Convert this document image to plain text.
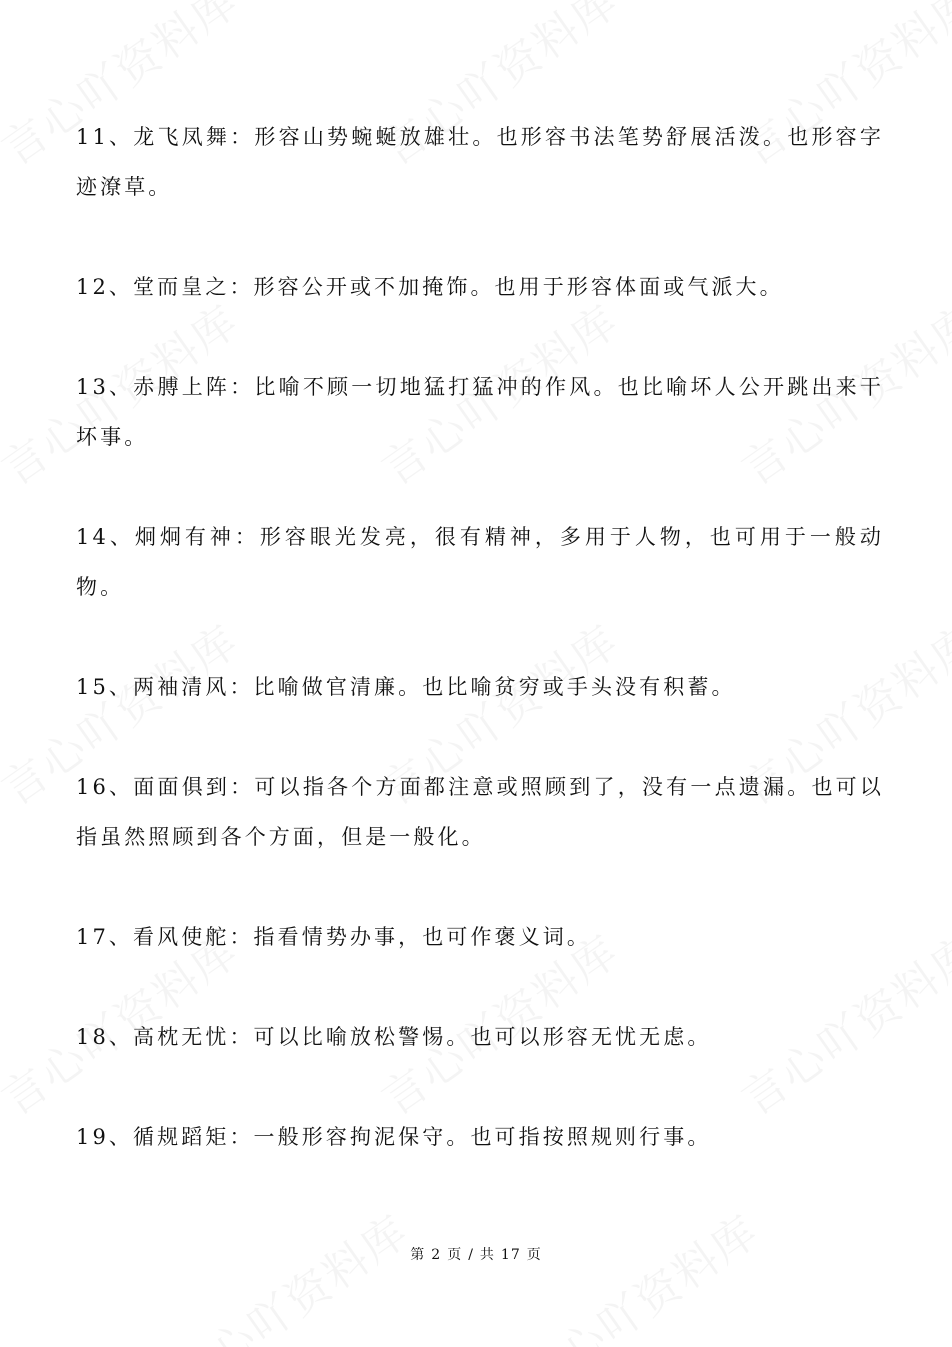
11、龙飞凤舞：形容山势蜿蜒放雄壮。也形容书法笔势舒展活泼。也形容字迹潦草。

12、堂而皇之：形容公开或不加掩饰。也用于形容体面或气派大。

13、赤膊上阵：比喻不顾一切地猛打猛冲的作风。也比喻坏人公开跳出来干坏事。

14、炯炯有神：形容眼光发亮，很有精神，多用于人物，也可用于一般动物。

15、两袖清风：比喻做官清廉。也比喻贫穷或手头没有积蓄。

16、面面俱到：可以指各个方面都注意或照顾到了，没有一点遗漏。也可以指虽然照顾到各个方面，但是一般化。

17、看风使舵：指看情势办事，也可作褒义词。

18、高枕无忧：可以比喻放松警惕。也可以形容无忧无虑。

19、循规蹈矩：一般形容拘泥保守。也可指按照规则行事。

第 2 页 / 共 17 页
